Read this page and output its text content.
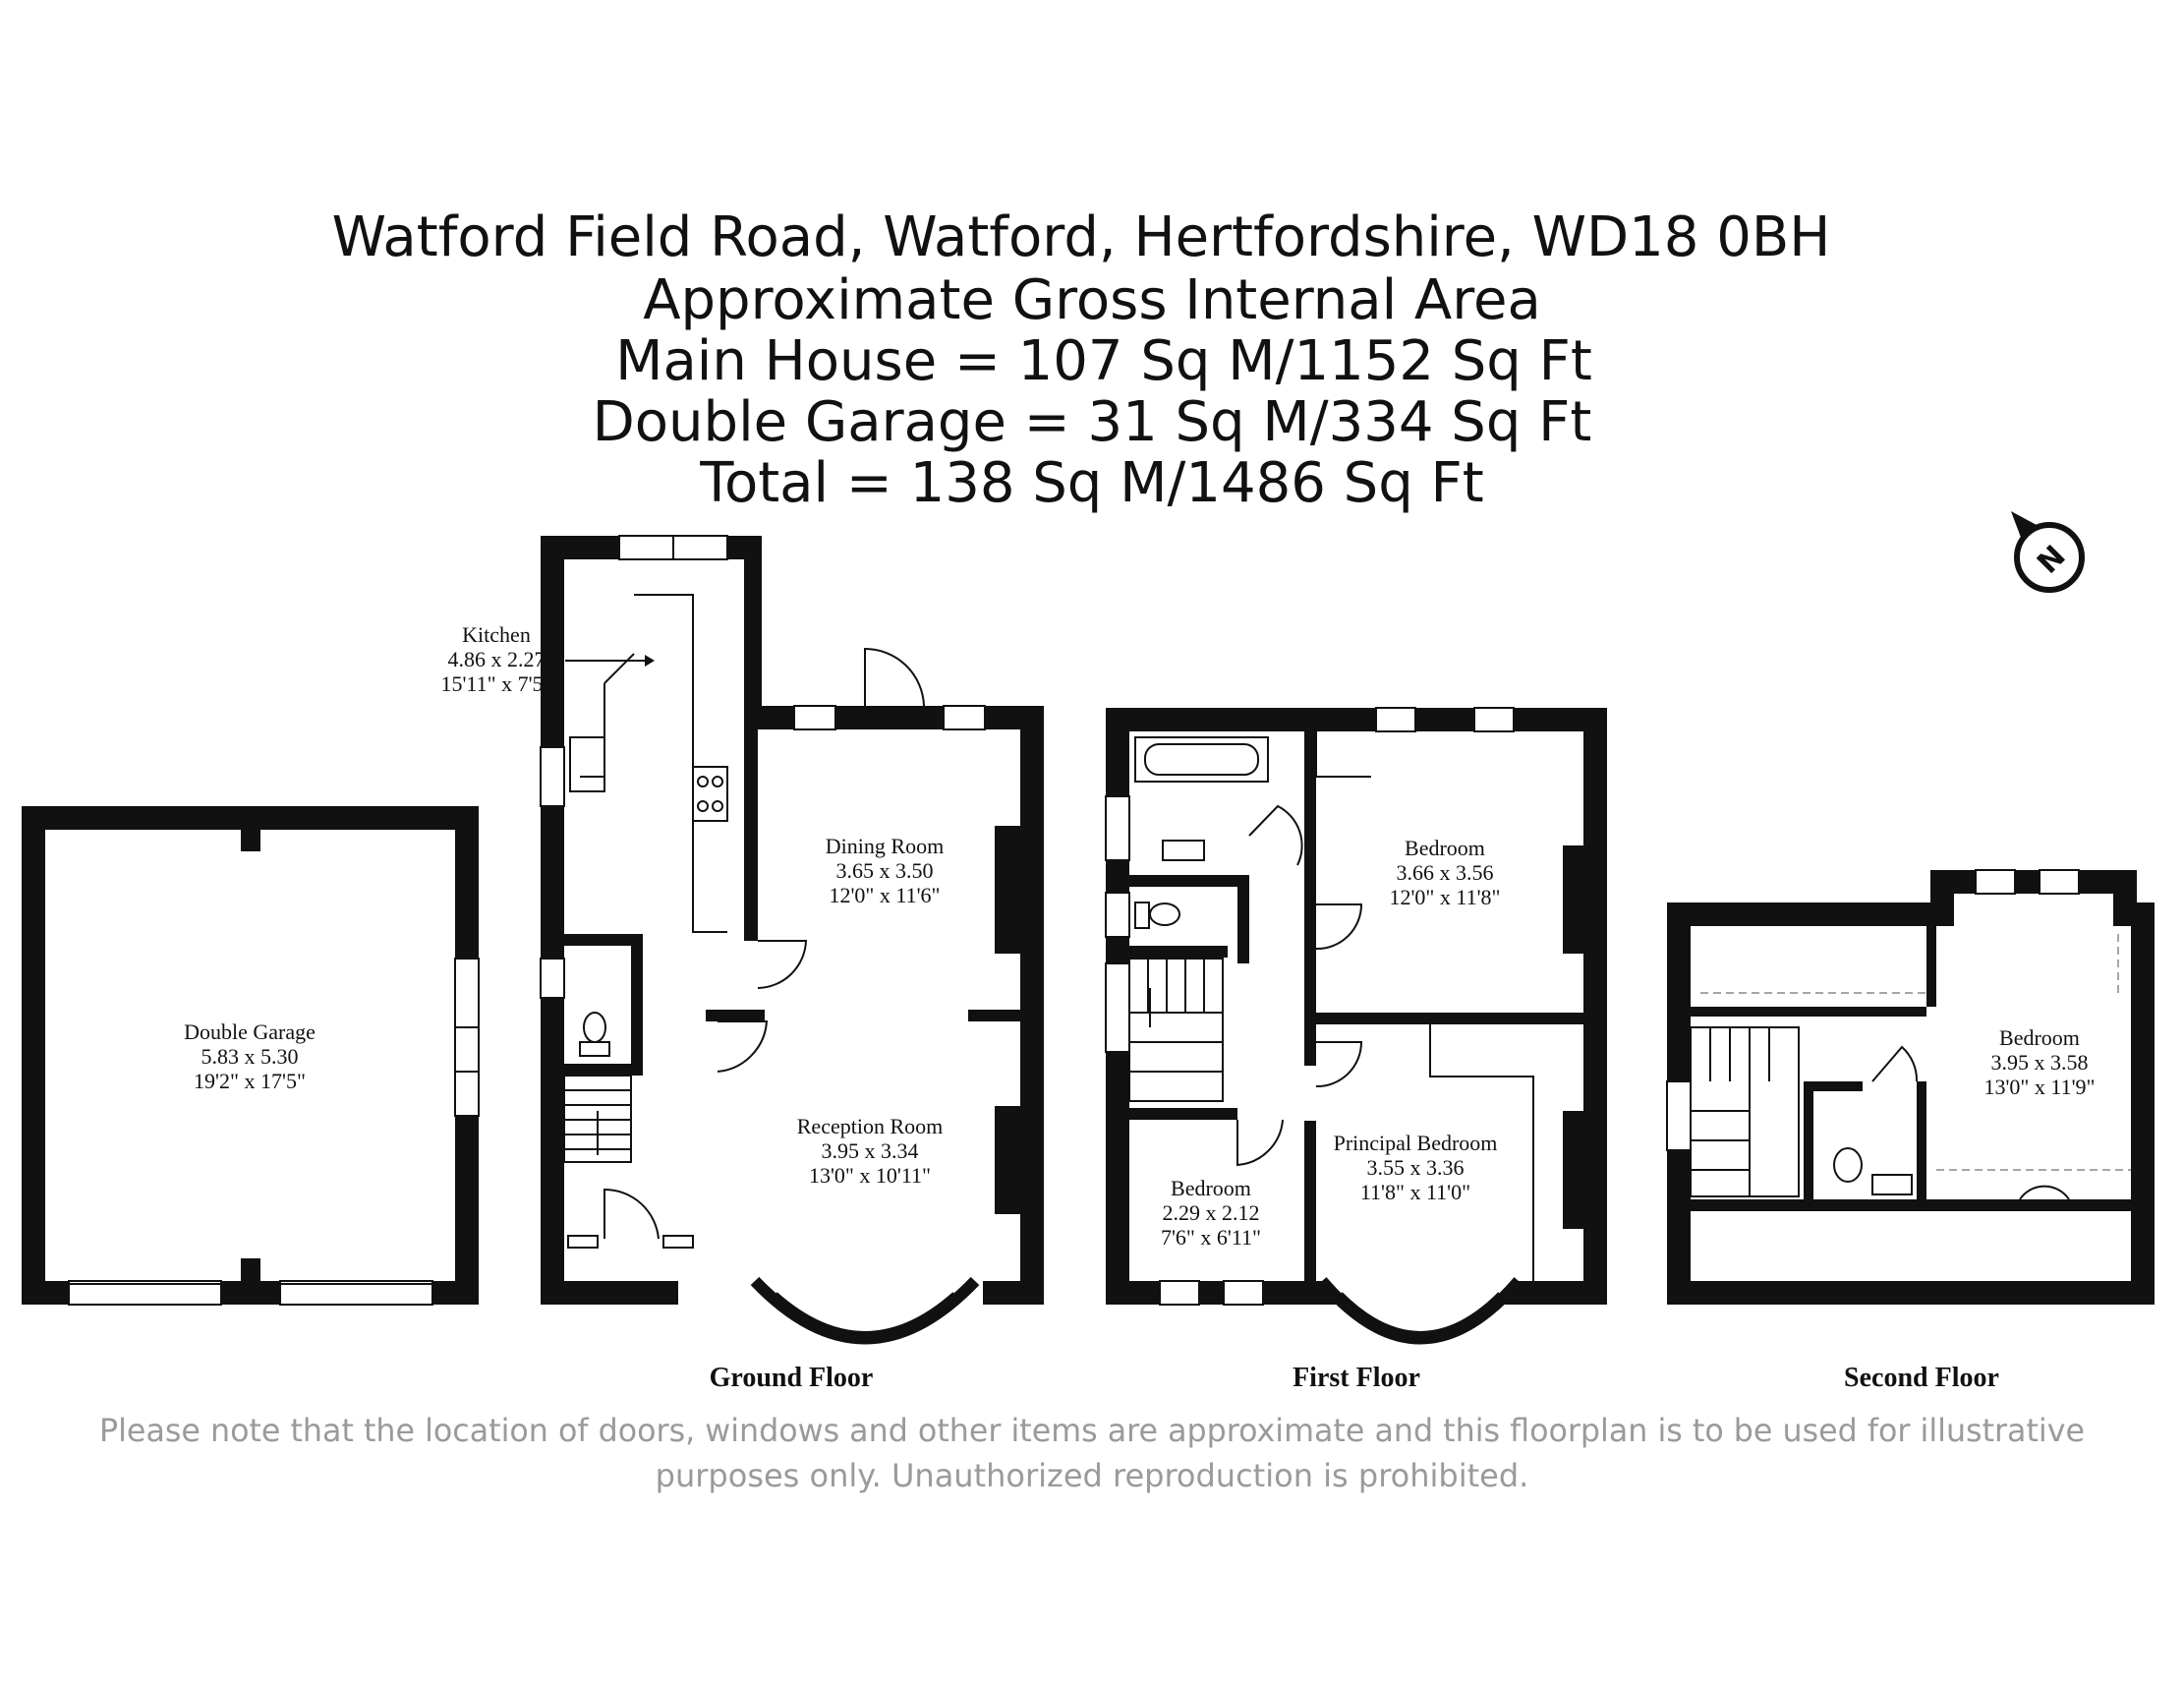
Watford Field Road, Watford, Hertfordshire, WD18 0BH
Approximate Gross Internal Area
Main House = 107 Sq M/1152 Sq Ft
Double Garage = 31 Sq M/334 Sq Ft
Total = 138 Sq M/1486 Sq Ft
N
Double Garage
5.83 x 5.30
19'2" x 17'5"
Kitchen
4.86 x 2.27
15'11" x 7'5"
Dining Room
3.65 x 3.50
12'0" x 11'6"
Reception Room
3.95 x 3.34
13'0" x 10'11"
Bedroom
3.66 x 3.56
12'0" x 11'8"
Principal Bedroom
3.55 x 3.36
11'8" x 11'0"
Bedroom
2.29 x 2.12
7'6" x 6'11"
Bedroom
3.95 x 3.58
13'0" x 11'9"
Ground Floor	First Floor	Second Floor
Please note that the location of doors, windows and other items are approximate and this floorplan is to be used for illustrative
purposes only. Unauthorized reproduction is prohibited.
